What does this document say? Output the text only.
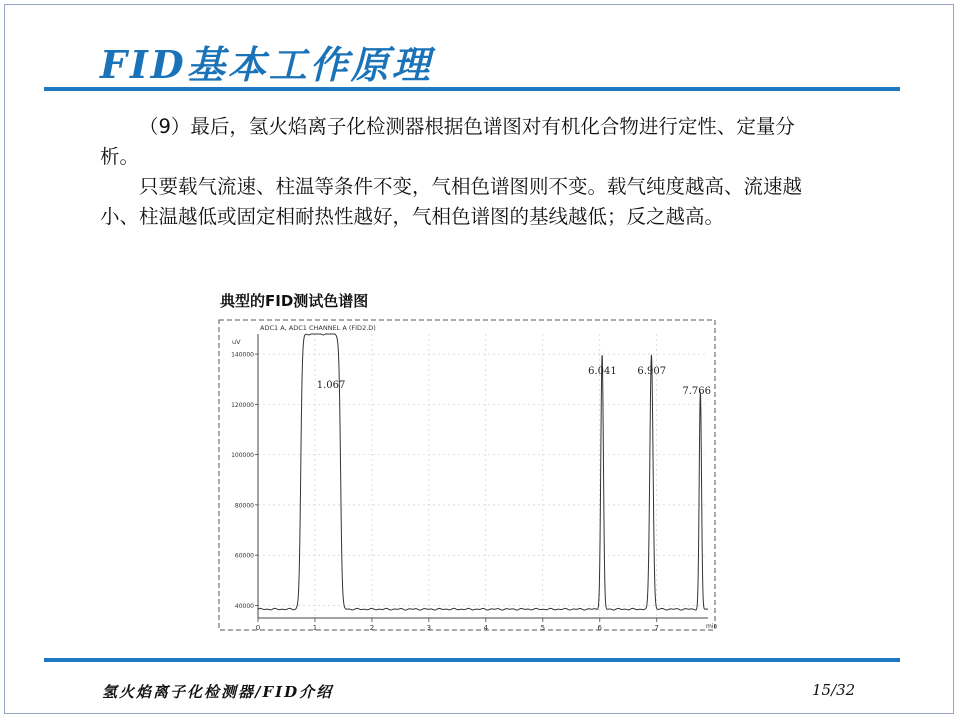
FID基本工作原理

（9）最后，氢火焰离子化检测器根据色谱图对有机化合物进行定性、定量分析。

只要载气流速、柱温等条件不变，气相色谱图则不变。载气纯度越高、流速越小、柱温越低或固定相耐热性越好，气相色谱图的基线越低；反之越高。

典型的FID测试色谱图
ADC1 A, ADC1 CHANNEL A (FID2.D)
uV
min
0	1	2	3	4	5	6	7
40000
60000
80000
100000
120000
140000
1.067
6.041 6.907
7.766
氢火焰离子化检测器/FID介绍	15/32
